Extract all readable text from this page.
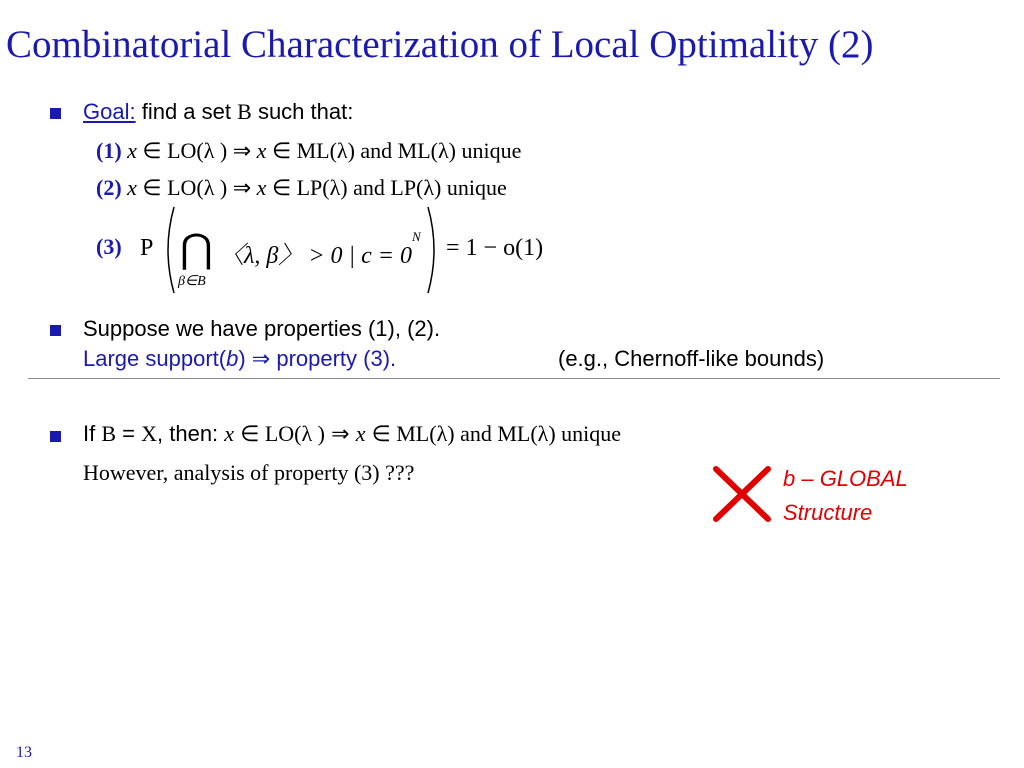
Combinatorial Characterization of Local Optimality (2)
Goal: find a set B such that:
(1) x ∈ LO(λ ) ⇒ x ∈ ML(λ) and ML(λ) unique
(2) x ∈ LO(λ ) ⇒ x ∈ LP(λ) and LP(λ) unique
(3) P ⋂
β∈B
〈λ, β〉 > 0 | c = 0
N = 1 − o(1)
Suppose we have properties (1), (2).
Large support(b) ⇒ property (3).	(e.g., Chernoff-like bounds)
If B = X, then: x ∈ LO(λ ) ⇒ x ∈ ML(λ) and ML(λ) unique
However, analysis of property (3) ???	b – GLOBAL
Structure
13
